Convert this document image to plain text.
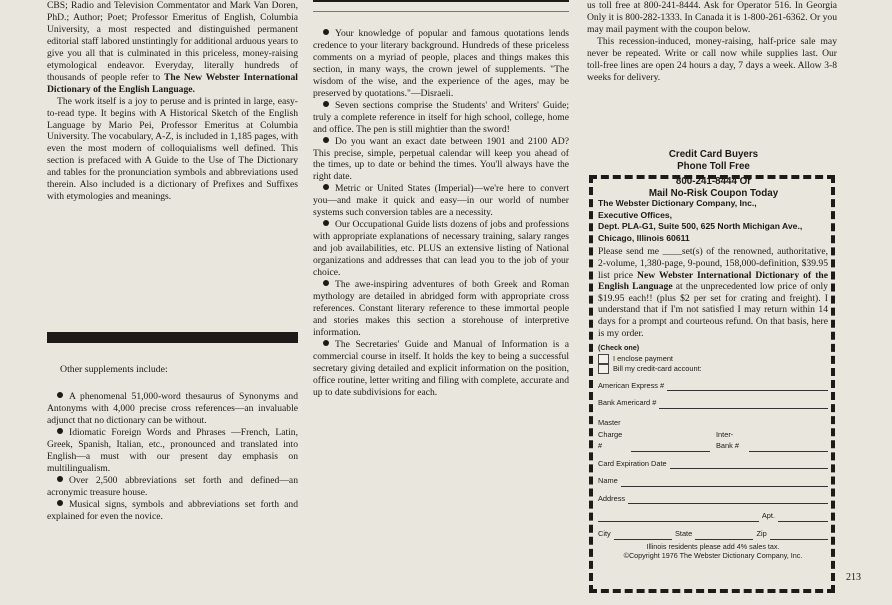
CBS; Radio and Television Commentator and Mark Van Doren, PhD.; Author; Poet; Professor Emeritus of English, Columbia University, a most respected and distinguished permanent editorial staff labored unstintingly for additional arduous years to give you all that is culminated in this priceless, money-raising etymological endeavor. Everyday, literally hundreds of thousands of people refer to The New Webster International Dictionary of the English Language.

The work itself is a joy to peruse and is printed in large, easy-to-read type. It begins with A Historical Sketch of the English Language by Mario Pei, Professor Emeritus at Columbia University. The vocabulary, A-Z, is included in 1,185 pages, with even the most modern of colloquialisms well defined. This section is prefaced with A Guide to the Use of The Dictionary and tables for the pronunciation symbols and abbreviations used therein. Also included is a dictionary of Prefixes and Suffixes with etymologies and meanings.

Other supplements include:

A phenomenal 51,000-word thesaurus of Synonyms and Antonyms with 4,000 precise cross references—an invaluable adjunct that no dictionary can be without.

Idiomatic Foreign Words and Phrases —French, Latin, Greek, Spanish, Italian, etc., pronounced and translated into English—a must with our present day emphasis on multilingualism.

Over 2,500 abbreviations set forth and defined—an acronymic treasure house.

Musical signs, symbols and abbreviations set forth and explained for even the novice.

Your knowledge of popular and famous quotations lends credence to your literary background. Hundreds of these priceless comments on a myriad of people, places and things makes this section, in many ways, the crown jewel of supplements. "The wisdom of the wise, and the experience of the ages, may be preserved by quotations."—Disraeli.

Seven sections comprise the Students' and Writers' Guide; truly a complete reference in itself for high school, college, home and office. The pen is still mightier than the sword!

Do you want an exact date between 1901 and 2100 AD? This precise, simple, perpetual calendar will keep you ahead of the times, up to date or behind the times. You'll always have the right date.

Metric or United States (Imperial)—we're here to convert you—and make it quick and easy—in our world of number systems such conversion tables are a necessity.

Our Occupational Guide lists dozens of jobs and professions with appropriate explanations of necessary training, salary ranges and job availabilities, etc. PLUS an extensive listing of National organizations and addresses that can lead you to the job of your choice.

The awe-inspiring adventures of both Greek and Roman mythology are detailed in abridged form with appropriate cross references. Constant literary reference to these immortal people and stories makes this section a storehouse of interpretive information.

The Secretaries' Guide and Manual of Information is a commercial course in itself. It holds the key to being a successful secretary giving detailed and explicit information on the position, office routine, letter writing and filing with complete, accurate and up to date subdivisions for each.

us toll free at 800-241-8444. Ask for Operator 516. In Georgia Only it is 800-282-1333. In Canada it is 1-800-261-6362. Or you may mail payment with the coupon below.

This recession-induced, money-raising, half-price sale may never be repeated. Write or call now while supplies last. Our toll-free lines are open 24 hours a day, 7 days a week. Allow 3-8 weeks for delivery.

Credit Card Buyers
Phone Toll Free
800-241-8444 Or
Mail No-Risk Coupon Today
The Webster Dictionary Company, Inc.,
Executive Offices,
Dept. PLA-G1, Suite 500, 625 North Michigan Ave.,
Chicago, Illinois 60611
Please send me ____set(s) of the renowned, authoritative, 2-volume, 1,380-page, 9-pound, 158,000-definition, $39.95 list price New Webster International Dictionary of the English Language at the unprecedented low price of only $19.95 each!! (plus $2 per set for crating and freight). I understand that if I'm not satisfied I may return within 14 days for a prompt and courteous refund. On that basis, here is my order.
(Check one)
I enclose payment
Bill my credit-card account:
American Express #
Bank Americard #
Master Charge #
Inter-Bank #
Card Expiration Date
Name
Address
Apt.
City	State	Zip
Illinois residents please add 4% sales tax.
©Copyright 1976 The Webster Dictionary Company, Inc.
213
